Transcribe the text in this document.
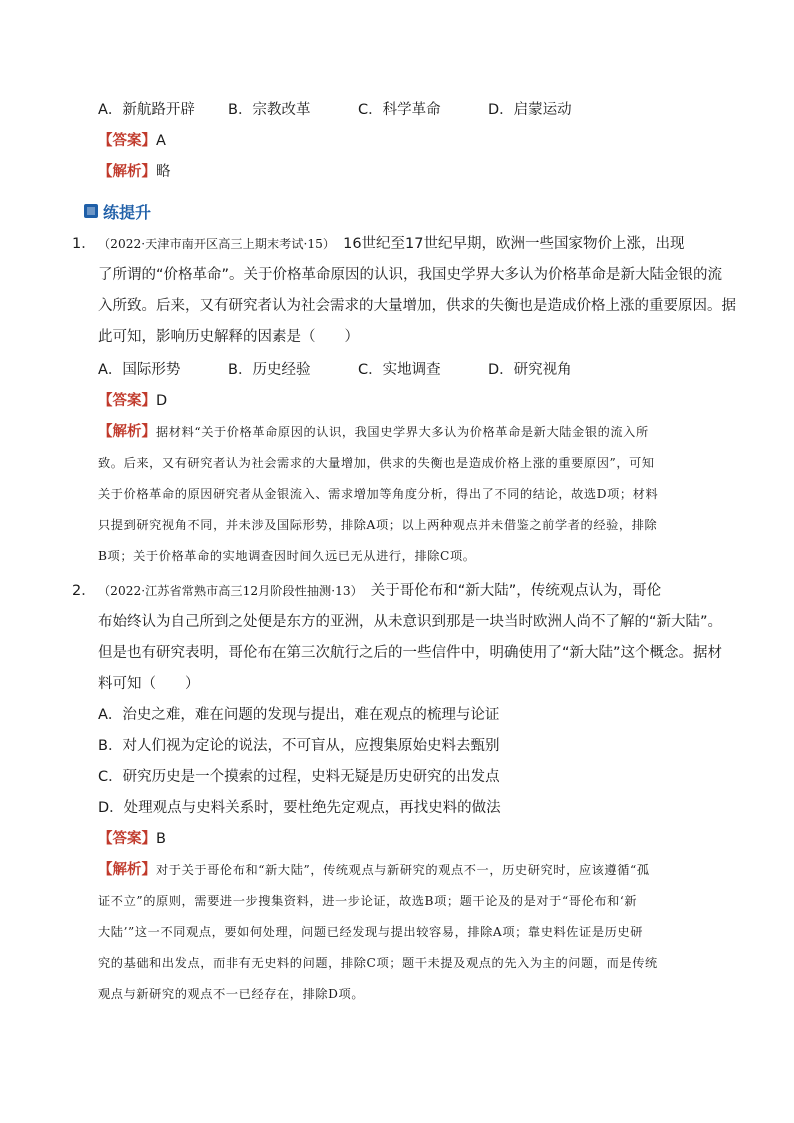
A．新航路开辟 B．宗教改革	C．科学革命	D．启蒙运动
【答案】A
【解析】略
练提升
1． （2022·天津市南开区高三上期末考试·15） 16世纪至17世纪早期，欧洲一些国家物价上涨，出现
了所谓的“价格革命”。关于价格革命原因的认识，我国史学界大多认为价格革命是新大陆金银的流
入所致。后来，又有研究者认为社会需求的大量增加，供求的失衡也是造成价格上涨的重要原因。据
此可知，影响历史解释的因素是（　　）
A．国际形势	B．历史经验	C．实地调查	D．研究视角
【答案】D
【解析】据材料“关于价格革命原因的认识，我国史学界大多认为价格革命是新大陆金银的流入所
致。后来，又有研究者认为社会需求的大量增加，供求的失衡也是造成价格上涨的重要原因”，可知
关于价格革命的原因研究者从金银流入、需求增加等角度分析，得出了不同的结论，故选D项；材料
只提到研究视角不同，并未涉及国际形势，排除A项；以上两种观点并未借鉴之前学者的经验，排除
B项；关于价格革命的实地调查因时间久远已无从进行，排除C项。
2． （2022·江苏省常熟市高三12月阶段性抽测·13） 关于哥伦布和“新大陆”，传统观点认为，哥伦
布始终认为自己所到之处便是东方的亚洲，从未意识到那是一块当时欧洲人尚不了解的“新大陆”。
但是也有研究表明，哥伦布在第三次航行之后的一些信件中，明确使用了“新大陆”这个概念。据材
料可知（　　）
A．治史之难，难在问题的发现与提出，难在观点的梳理与论证
B．对人们视为定论的说法，不可盲从，应搜集原始史料去甄别
C．研究历史是一个摸索的过程，史料无疑是历史研究的出发点
D．处理观点与史料关系时，要杜绝先定观点，再找史料的做法
【答案】B
【解析】对于关于哥伦布和“新大陆”，传统观点与新研究的观点不一，历史研究时，应该遵循“孤
证不立”的原则，需要进一步搜集资料，进一步论证，故选B项；题干论及的是对于“哥伦布和‘新
大陆’”这一不同观点，要如何处理，问题已经发现与提出较容易，排除A项；靠史料佐证是历史研
究的基础和出发点，而非有无史料的问题，排除C项；题干未提及观点的先入为主的问题，而是传统
观点与新研究的观点不一已经存在，排除D项。
